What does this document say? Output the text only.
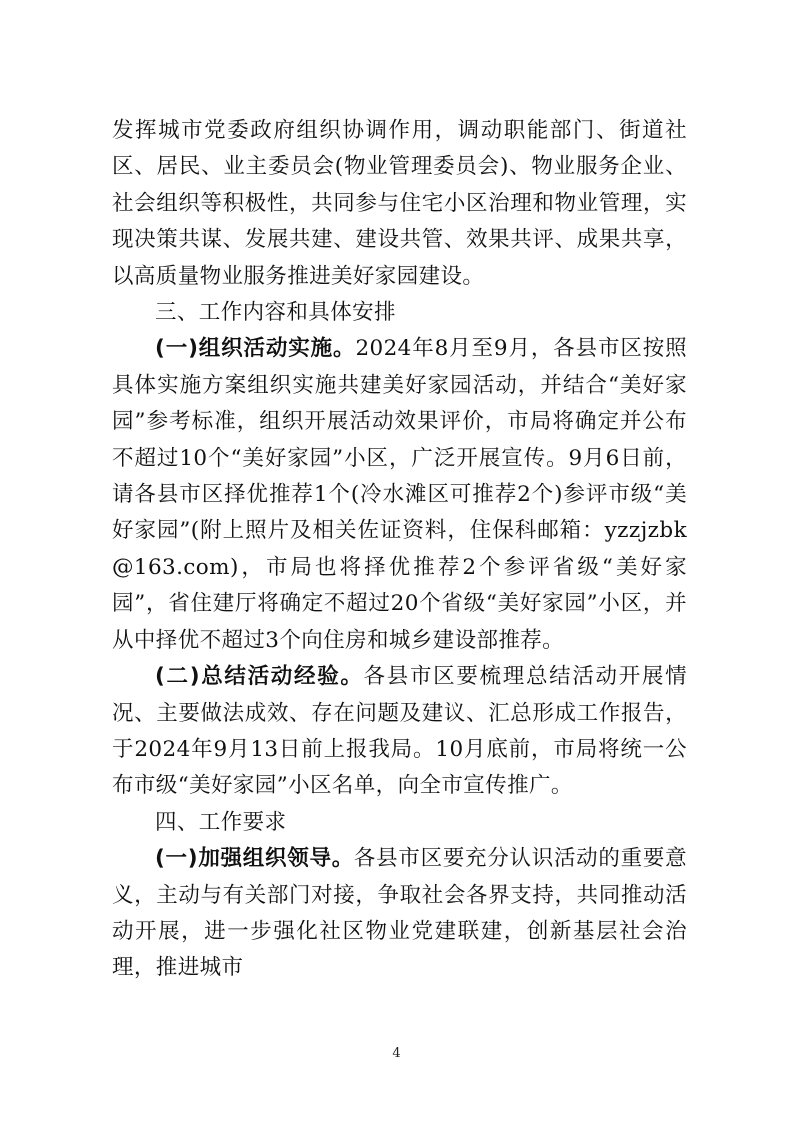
发挥城市党委政府组织协调作用，调动职能部门、街道社区、居民、业主委员会(物业管理委员会)、物业服务企业、社会组织等积极性，共同参与住宅小区治理和物业管理，实现决策共谋、发展共建、建设共管、效果共评、成果共享，以高质量物业服务推进美好家园建设。

三、工作内容和具体安排

(一)组织活动实施。2024年8月至9月，各县市区按照具体实施方案组织实施共建美好家园活动，并结合“美好家园”参考标准，组织开展活动效果评价，市局将确定并公布不超过10个“美好家园”小区，广泛开展宣传。9月6日前，请各县市区择优推荐1个(冷水滩区可推荐2个)参评市级“美好家园”(附上照片及相关佐证资料，住保科邮箱：yzzjzbk@163.com)，市局也将择优推荐2个参评省级“美好家园”，省住建厅将确定不超过20个省级“美好家园”小区，并从中择优不超过3个向住房和城乡建设部推荐。

(二)总结活动经验。各县市区要梳理总结活动开展情况、主要做法成效、存在问题及建议、汇总形成工作报告，于2024年9月13日前上报我局。10月底前，市局将统一公布市级“美好家园”小区名单，向全市宣传推广。

四、工作要求

(一)加强组织领导。各县市区要充分认识活动的重要意义，主动与有关部门对接，争取社会各界支持，共同推动活动开展，进一步强化社区物业党建联建，创新基层社会治理，推进城市

4
